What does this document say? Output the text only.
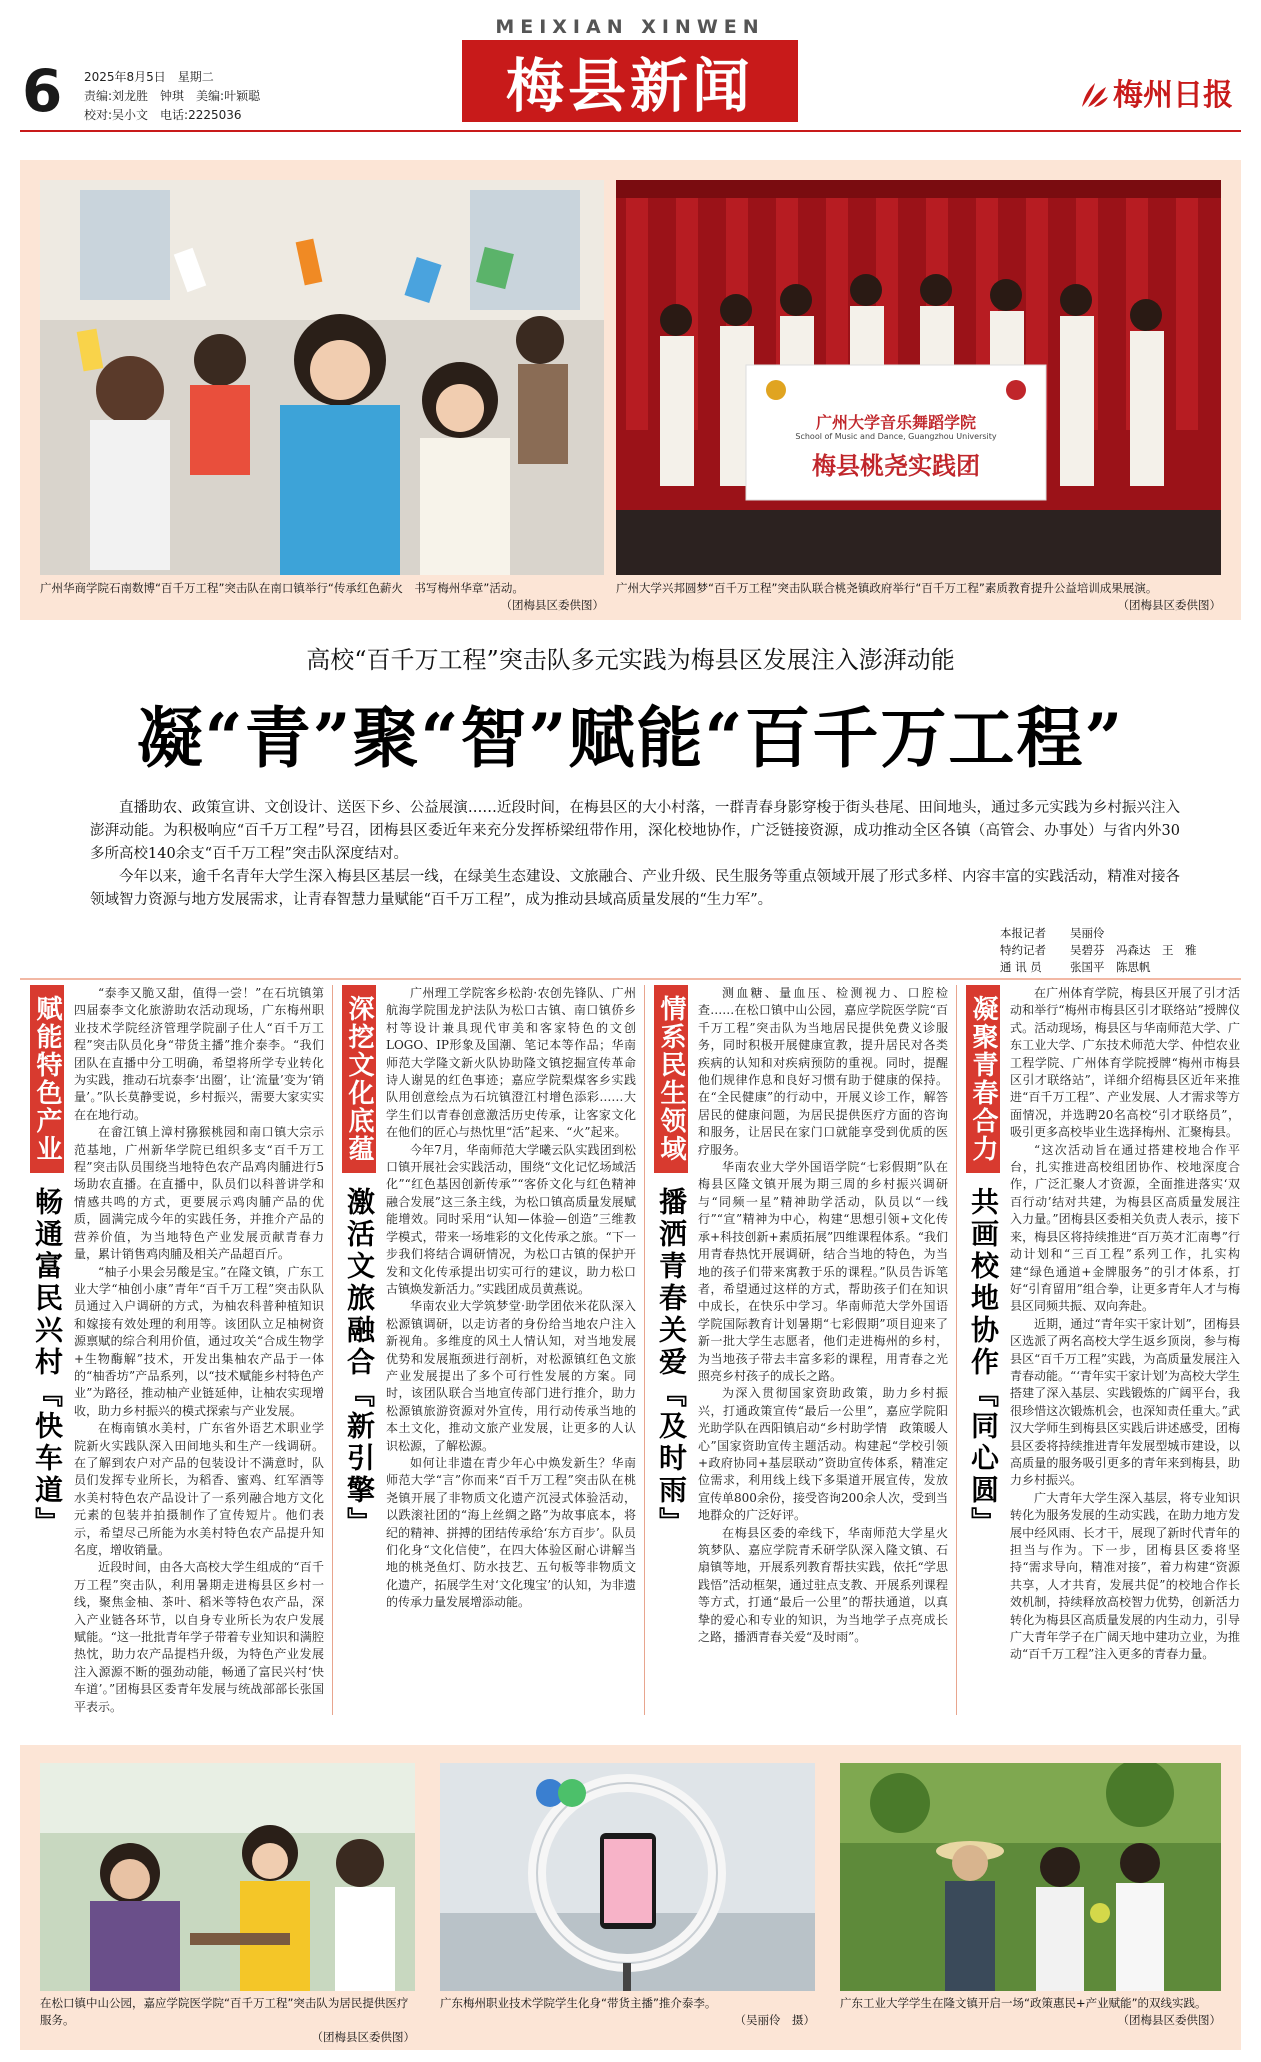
6 2025年8月5日　星期二
责编:刘龙胜　钟琪　美编:叶颖聪
校对:吴小文　电话:2225036
MEIXIAN XINWEN
梅县新闻	梅州日报
广州大学音乐舞蹈学院
School of Music and Dance, Guangzhou University
梅县桃尧实践团
广州华商学院石南数博“百千万工程”突击队在南口镇举行“传承红色薪火　书写梅州华章”活动。
（团梅县区委供图）
广州大学兴邦圆梦“百千万工程”突击队联合桃尧镇政府举行“百千万工程”素质教育提升公益培训成果展演。
（团梅县区委供图）
高校“百千万工程”突击队多元实践为梅县区发展注入澎湃动能
凝“青”聚“智”赋能“百千万工程”

直播助农、政策宣讲、文创设计、送医下乡、公益展演……近段时间，在梅县区的大小村落，一群青春身影穿梭于街头巷尾、田间地头，通过多元实践为乡村振兴注入澎湃动能。为积极响应“百千万工程”号召，团梅县区委近年来充分发挥桥梁纽带作用，深化校地协作，广泛链接资源，成功推动全区各镇（高管会、办事处）与省内外30多所高校140余支“百千万工程”突击队深度结对。

今年以来，逾千名青年大学生深入梅县区基层一线，在绿美生态建设、文旅融合、产业升级、民生服务等重点领域开展了形式多样、内容丰富的实践活动，精准对接各领域智力资源与地方发展需求，让青春智慧力量赋能“百千万工程”，成为推动县域高质量发展的“生力军”。

本报记者	吴丽伶
特约记者	吴碧芬　冯森达　王　雅
通 讯 员	张国平　陈思帆
赋能特色产业
畅通富民兴村『快车道』

“泰李又脆又甜，值得一尝！”在石坑镇第四届泰李文化旅游助农活动现场，广东梅州职业技术学院经济管理学院副子仕人“百千万工程”突击队员化身“带货主播”推介泰李。“我们团队在直播中分工明确，希望将所学专业转化为实践，推动石坑泰李‘出圈’，让‘流量’变为‘销量’。”队长莫静雯说，乡村振兴，需要大家实实在在地行动。

在畲江镇上漳村猕猴桃园和南口镇大宗示范基地，广州新华学院已组织多支“百千万工程”突击队员围绕当地特色农产品鸡肉脯进行5场助农直播。在直播中，队员们以科普讲学和情感共鸣的方式，更要展示鸡肉脯产品的优质，圆满完成今年的实践任务，并推介产品的营养价值，为当地特色产业发展贡献青春力量，累计销售鸡肉脯及相关产品超百斤。

“柚子小果会另酸是宝。”在隆文镇，广东工业大学“柚创小康”青年“百千万工程”突击队队员通过入户调研的方式，为柚农科普种植知识和嫁接有效处理的利用等。该团队立足柚树资源禀赋的综合利用价值，通过攻关“合成生物学+生物酶解”技术，开发出集柚农产品于一体的“柚香坊”产品系列，以“技术赋能乡村特色产业”为路径，推动柚产业链延伸，让柚农实现增收，助力乡村振兴的模式探索与产业发展。

在梅南镇水美村，广东省外语艺术职业学院新火实践队深入田间地头和生产一线调研。在了解到农户对产品的包装设计不满意时，队员们发挥专业所长，为稻香、蜜鸡、红军酒等水美村特色农产品设计了一系列融合地方文化元素的包装并拍摄制作了宣传短片。他们表示，希望尽己所能为水美村特色农产品提升知名度，增收销量。

近段时间，由各大高校大学生组成的“百千万工程”突击队，利用暑期走进梅县区乡村一线，聚焦金柚、茶叶、稻米等特色农产品，深入产业链各环节，以自身专业所长为农户发展赋能。“这一批批青年学子带着专业知识和满腔热忱，助力农产品提档升级，为特色产业发展注入源源不断的强劲动能，畅通了富民兴村‘快车道’。”团梅县区委青年发展与统战部部长张国平表示。

深挖文化底蕴
激活文旅融合『新引擎』

广州理工学院客乡松韵·农创先锋队、广州航海学院围龙护法队为松口古镇、南口镇侨乡村等设计兼具现代审美和客家特色的文创LOGO、IP形象及国潮、笔记本等作品；华南师范大学隆文新火队协助隆文镇挖掘宣传革命诗人谢晃的红色事迹；嘉应学院梨煤客乡实践队用创意绘点为石坑镇澄江村增色添彩……大学生们以青春创意激活历史传承，让客家文化在他们的匠心与热忱里“活”起来、“火”起来。

今年7月，华南师范大学曦云队实践团到松口镇开展社会实践活动，围绕“文化记忆场域活化”“红色基因创新传承”“客侨文化与红色精神融合发展”这三条主线，为松口镇高质量发展赋能增效。同时采用“认知—体验—创造”三维教学模式，带来一场堆彩的文化传承之旅。“下一步我们将结合调研情况，为松口古镇的保护开发和文化传承提出切实可行的建议，助力松口古镇焕发新活力。”实践团成员黄燕说。

华南农业大学筑梦堂·助学团依米花队深入松源镇调研，以走访者的身份给当地农户注入新视角。多维度的风土人情认知，对当地发展优势和发展瓶颈进行剖析，对松源镇红色文旅产业发展提出了多个可行性发展的方案。同时，该团队联合当地宣传部门进行推介，助力松源镇旅游资源对外宣传，用行动传承当地的本土文化，推动文旅产业发展，让更多的人认识松源，了解松源。

如何让非遗在青少年心中焕发新生？华南师范大学“言”你而来“百千万工程”突击队在桃尧镇开展了非物质文化遗产沉浸式体验活动，以跌滚社团的“海上丝绸之路”为故事底本，将纪的精神、拼搏的团结传承给‘东方百步’。队员们化身“文化信使”，在四大体验区耐心讲解当地的桃尧鱼灯、防水技艺、五句板等非物质文化遗产，拓展学生对‘文化瑰宝’的认知，为非遗的传承力量发展增添动能。

情系民生领域
播洒青春关爱『及时雨』

测血糖、量血压、检测视力、口腔检查……在松口镇中山公园，嘉应学院医学院“百千万工程”突击队为当地居民提供免费义诊服务，同时积极开展健康宣教，提升居民对各类疾病的认知和对疾病预防的重视。同时，提醒他们规律作息和良好习惯有助于健康的保持。在“全民健康”的行动中，开展义诊工作，解答居民的健康问题，为居民提供医疗方面的咨询和服务，让居民在家门口就能享受到优质的医疗服务。

华南农业大学外国语学院“七彩假期”队在梅县区隆文镇开展为期三周的乡村振兴调研与“同频一星”精神助学活动，队员以“一线行”“宣”精神为中心，构建“思想引领+文化传承+科技创新+素质拓展”四维课程体系。“我们用青春热忱开展调研，结合当地的特色，为当地的孩子们带来寓教于乐的课程。”队员告诉笔者，希望通过这样的方式，帮助孩子们在知识中成长，在快乐中学习。华南师范大学外国语学院国际教育计划暑期“七彩假期”项目迎来了新一批大学生志愿者，他们走进梅州的乡村，为当地孩子带去丰富多彩的课程，用青春之光照亮乡村孩子的成长之路。

为深入贯彻国家资助政策，助力乡村振兴，打通政策宣传“最后一公里”，嘉应学院阳光助学队在西阳镇启动“乡村助学情　政策暖人心”国家资助宣传主题活动。构建起“学校引领+政府协同+基层联动”资助宣传体系，精准定位需求，利用线上线下多渠道开展宣传，发放宣传单800余份，接受咨询200余人次，受到当地群众的广泛好评。

在梅县区委的牵线下，华南师范大学星火筑梦队、嘉应学院青禾研学队深入隆文镇、石扇镇等地，开展系列教育帮扶实践，依托“学思践悟”活动框架，通过驻点支教、开展系列课程等方式，打通“最后一公里”的帮扶通道，以真挚的爱心和专业的知识，为当地学子点亮成长之路，播洒青春关爱“及时雨”。

凝聚青春合力
共画校地协作『同心圆』

在广州体育学院，梅县区开展了引才活动和举行“梅州市梅县区引才联络站”授牌仪式。活动现场，梅县区与华南师范大学、广东工业大学、广东技术师范大学、仲恺农业工程学院、广州体育学院授牌“梅州市梅县区引才联络站”，详细介绍梅县区近年来推进“百千万工程”、产业发展、人才需求等方面情况，并选聘20名高校“引才联络员”，吸引更多高校毕业生选择梅州、汇聚梅县。

“这次活动旨在通过搭建校地合作平台，扎实推进高校组团协作、校地深度合作，广泛汇聚人才资源，全面推进落实‘双百行动’结对共建，为梅县区高质量发展注入力量。”团梅县区委相关负责人表示，接下来，梅县区将持续推进“百万英才汇南粤”行动计划和“三百工程”系列工作，扎实构建“绿色通道+金牌服务”的引才体系，打好“引育留用”组合拳，让更多青年人才与梅县区同频共振、双向奔赴。

近期，通过“青年实干家计划”，团梅县区选派了两名高校大学生返乡顶岗，参与梅县区“百千万工程”实践，为高质量发展注入青春动能。“‘青年实干家计划’为高校大学生搭建了深入基层、实践锻炼的广阔平台，我很珍惜这次锻炼机会，也深知责任重大。”武汉大学师生到梅县区实践后讲述感受，团梅县区委将持续推进青年发展型城市建设，以高质量的服务吸引更多的青年来到梅县，助力乡村振兴。

广大青年大学生深入基层，将专业知识转化为服务发展的生动实践，在助力地方发展中经风雨、长才干，展现了新时代青年的担当与作为。下一步，团梅县区委将坚持“需求导向，精准对接”，着力构建“资源共享，人才共育，发展共促”的校地合作长效机制，持续释放高校智力优势，创新活力转化为梅县区高质量发展的内生动力，引导广大青年学子在广阔天地中建功立业，为推动“百千万工程”注入更多的青春力量。

在松口镇中山公园，嘉应学院医学院“百千万工程”突击队为居民提供医疗服务。
（团梅县区委供图）
广东梅州职业技术学院学生化身“带货主播”推介泰李。
（吴丽伶　摄）
广东工业大学学生在隆文镇开启一场“政策惠民+产业赋能”的双线实践。
（团梅县区委供图）
